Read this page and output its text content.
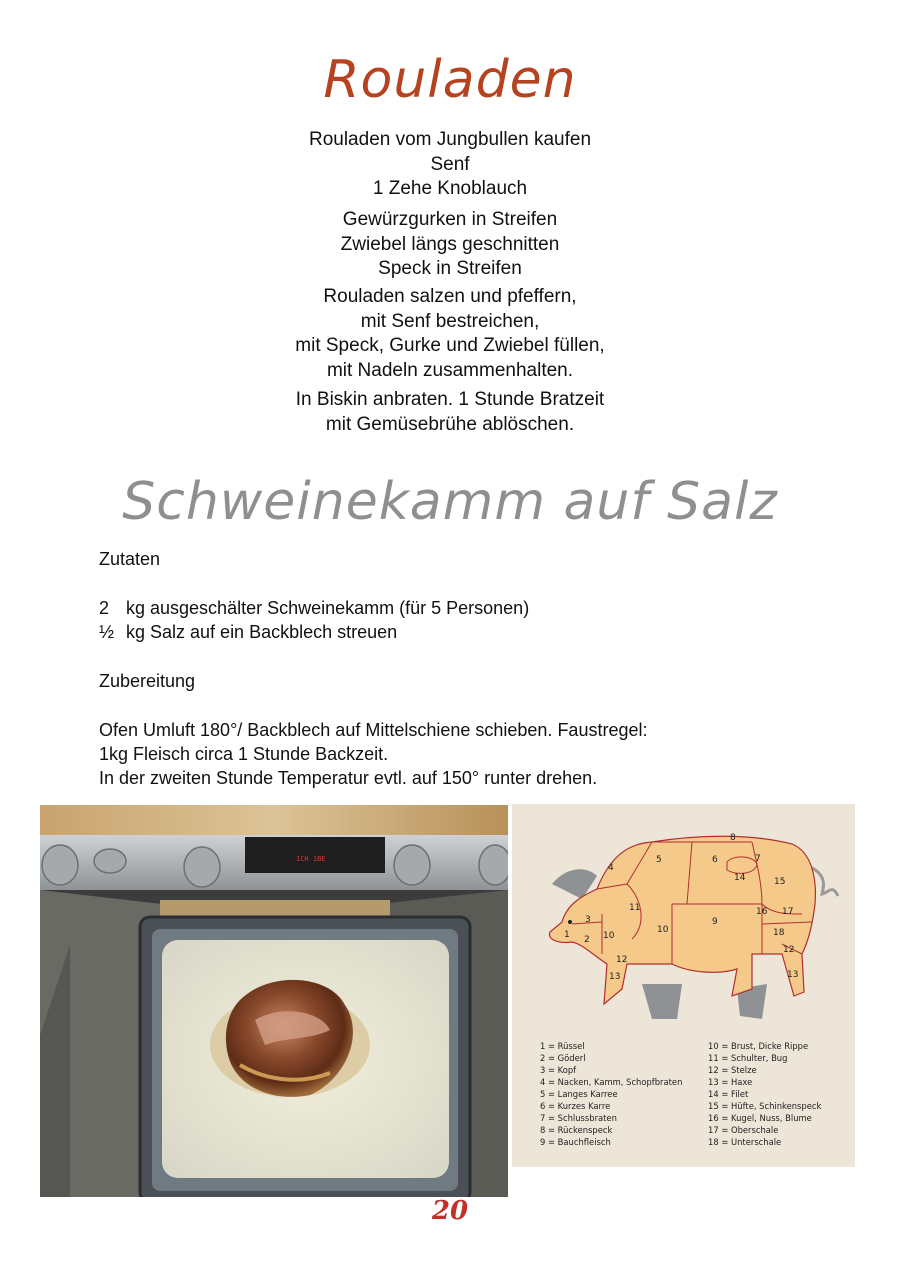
Rouladen
Rouladen vom Jungbullen kaufen
Senf
1 Zehe Knoblauch
Gewürzgurken in Streifen
Zwiebel längs geschnitten
Speck in Streifen
Rouladen salzen und pfeffern,
mit Senf bestreichen,
mit Speck, Gurke und Zwiebel füllen,
mit Nadeln zusammenhalten.
In Biskin anbraten. 1 Stunde Bratzeit
mit Gemüsebrühe ablöschen.
Schweinekamm auf Salz
Zutaten
2 kg ausgeschälter Schweinekamm (für 5 Personen)
½ kg Salz auf ein Backblech streuen
Zubereitung
Ofen Umluft 180°/ Backblech auf Mittelschiene schieben. Faustregel:
1kg Fleisch circa 1 Stunde Backzeit.
In der zweiten Stunde Temperatur evtl. auf 150° runter drehen.
1CH 1BE
1 2
3
4
5	6	7
8
9
10
10
11
12
12
13	13
14	15
16 17
18
1 = Rüssel
2 = Göderl
3 = Kopf
4 = Nacken, Kamm, Schopfbraten
5 = Langes Karree
6 = Kurzes Karre
7 = Schlussbraten
8 = Rückenspeck
9 = Bauchfleisch
10 = Brust, Dicke Rippe
11 = Schulter, Bug
12 = Stelze
13 = Haxe
14 = Filet
15 = Hüfte, Schinkenspeck
16 = Kugel, Nuss, Blume
17 = Oberschale
18 = Unterschale
20
